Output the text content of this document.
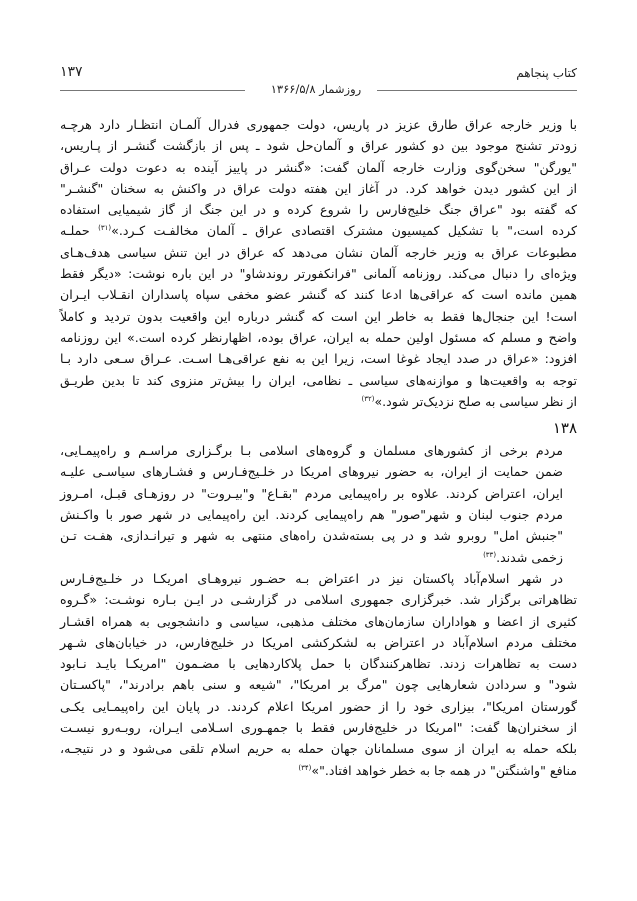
کتاب پنجاهم
روزشمار ۱۳۶۶/۵/۸
۱۳۷
با وزیر خارجه عراق طارق عزیز در پاریس، دولت جمهوری فدرال آلمـان انتظـار دارد هرچـه
زودتر تشنج موجود بین دو کشور عراق و آلمان‌حل شود ـ پس از بازگشت گنشـر از پـاریس،
"یورگن" سخن‌گوی وزارت خارجه آلمان گفت: «گنشر در پاییز آینده به دعوت دولت عـراق
از این کشور دیدن خواهد کرد. در آغاز این هفته دولت عراق در واکنش به سخنان "گنشـر"
که گفته بود "عراق جنگ خلیج‌فارس را شروع کرده و در این جنگ از گاز شیمیایی استفاده
کرده است،" با تشکیل کمیسیون مشترک اقتصادی عراق ـ آلمان مخالفـت کـرد.»$^{(۳۱)}$ حملـه
مطبوعات عراق به وزیر خارجه آلمان نشان می‌دهد که عراق در این تنش سیاسی هدف‌هـای
ویژه‌ای را دنبال می‌کند. روزنامه آلمانی "فرانکفورتر روندشاو" در این باره نوشت: «دیگر فقط
همین مانده است که عراقی‌ها ادعا کنند که گنشر عضو مخفی سپاه پاسداران انقـلاب ایـران
است! این جنجال‌ها فقط به خاطر این است که گنشر درباره این واقعیت بدون تردید و کاملاً
واضح و مسلم که مسئول اولین حمله به ایران، عراق بوده، اظهارنظر کرده است.» این روزنامه
افزود: «عراق در صدد ایجاد غوغا است، زیرا این به نفع عراقی‌هـا اسـت. عـراق سـعی دارد بـا
توجه به واقعیت‌ها و موازنه‌های سیاسی ـ نظامی، ایران را بیش‌تر منزوی کند تا بدین طریـق
از نظر سیاسی به صلح نزدیک‌تر شود.»$^{(۳۲)}$
۱۳۸
مردم برخی از کشورهای مسلمان و گروه‌های اسلامی بـا برگـزاری مراسـم و راه‌پیمـایی،
ضمن حمایت از ایران، به حضور نیروهای امریکا در خلـیج‌فـارس و فشـارهای سیاسـی علیـه
ایران، اعتراض کردند. علاوه بر راه‌پیمایی مردم "بقـاع" و"بیـروت" در روزهـای قبـل، امـروز
مردم جنوب لبنان و شهر"صور" هم راه‌پیمایی کردند. این راه‌پیمایی در شهر صور با واکـنش
"جنبش امل" روبرو شد و در پی بسته‌شدن راه‌های منتهی به شهر و تیرانـدازی، هفـت تـن
زخمی شدند.$^{(۳۳)}$
در شهر اسلام‌آباد پاکستان نیز در اعتراض بـه حضـور نیروهـای امریکـا در خلـیج‌فـارس
تظاهراتی برگزار شد. خبرگزاری جمهوری اسلامی در گزارشـی در ایـن بـاره نوشـت: «گـروه
کثیری از اعضا و هواداران سازمان‌های مختلف مذهبی، سیاسی و دانشجویی به همراه اقشـار
مختلف مردم اسلام‌آباد در اعتراض به لشکرکشی امریکا در خلیج‌فارس، در خیابان‌های شـهر
دست به تظاهرات زدند. تظاهرکنندگان با حمل پلاکاردهایی با مضـمون "امریکـا بایـد نـابود
شود" و سردادن شعارهایی چون "مرگ بر امریکا"، "شیعه و سنی باهم برادرند"، "پاکسـتان
گورستان امریکا"، بیزاری خود را از حضور امریکا اعلام کردند. در پایان این راه‌پیمـایی یکـی
از سخنران‌ها گفت: "امریکا در خلیج‌فارس فقط با جمهـوری اسـلامی ایـران، روبـه‌رو نیسـت
بلکه حمله به ایران از سوی مسلمانان جهان حمله به حریم اسلام تلقی می‌شود و در نتیجـه،
منافع "واشنگتن" در همه جا به خطر خواهد افتاد."»$^{(۳۴)}$
